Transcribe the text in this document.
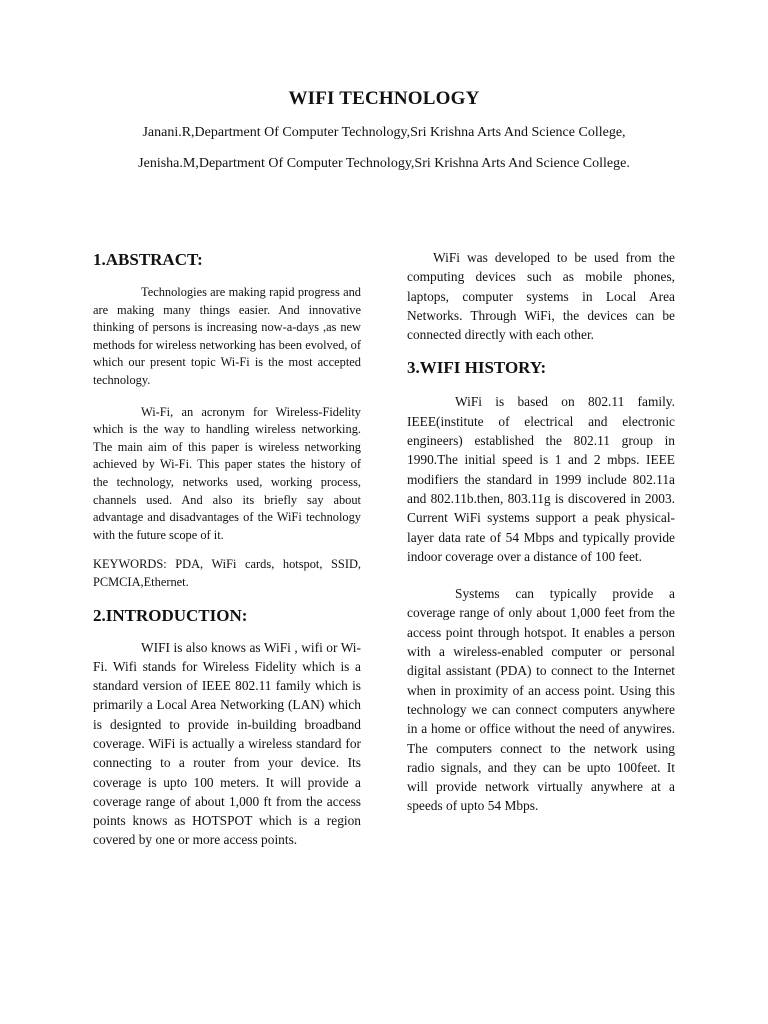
WIFI TECHNOLOGY
Janani.R,Department Of Computer Technology,Sri Krishna Arts And Science College,
Jenisha.M,Department Of Computer Technology,Sri Krishna Arts And Science College.
1.ABSTRACT:

Technologies are making rapid progress and are making many things easier. And innovative thinking of persons is increasing now-a-days ,as new methods for wireless networking has been evolved, of which our present topic Wi-Fi is the most accepted technology.

Wi-Fi, an acronym for Wireless-Fidelity which is the way to handling wireless networking. The main aim of this paper is wireless networking achieved by Wi-Fi. This paper states the history of the technology, networks used, working process, channels used. And also its briefly say about advantage and disadvantages of the WiFi technology with the future scope of it.

KEYWORDS: PDA, WiFi cards, hotspot, SSID, PCMCIA,Ethernet.

2.INTRODUCTION:

WIFI is also knows as WiFi , wifi or Wi-Fi. Wifi stands for Wireless Fidelity which is a standard version of IEEE 802.11 family which is primarily a Local Area Networking (LAN) which is designted to provide in-building broadband coverage. WiFi is actually a wireless standard for connecting to a router from your device. Its coverage is upto 100 meters. It will provide a coverage range of about 1,000 ft from the access points knows as HOTSPOT which is a region covered by one or more access points.

WiFi was developed to be used from the computing devices such as mobile phones, laptops, computer systems in Local Area Networks. Through WiFi, the devices can be connected directly with each other.

3.WIFI HISTORY:

WiFi is based on 802.11 family. IEEE(institute of electrical and electronic engineers) established the 802.11 group in 1990.The initial speed is 1 and 2 mbps. IEEE modifiers the standard in 1999 include 802.11a and 802.11b.then, 803.11g is discovered in 2003. Current WiFi systems support a peak physical-layer data rate of 54 Mbps and typically provide indoor coverage over a distance of 100 feet.

Systems can typically provide a coverage range of only about 1,000 feet from the access point through hotspot. It enables a person with a wireless-enabled computer or personal digital assistant (PDA) to connect to the Internet when in proximity of an access point. Using this technology we can connect computers anywhere in a home or office without the need of anywires. The computers connect to the network using radio signals, and they can be upto 100feet. It will provide network virtually anywhere at a speeds of upto 54 Mbps.
